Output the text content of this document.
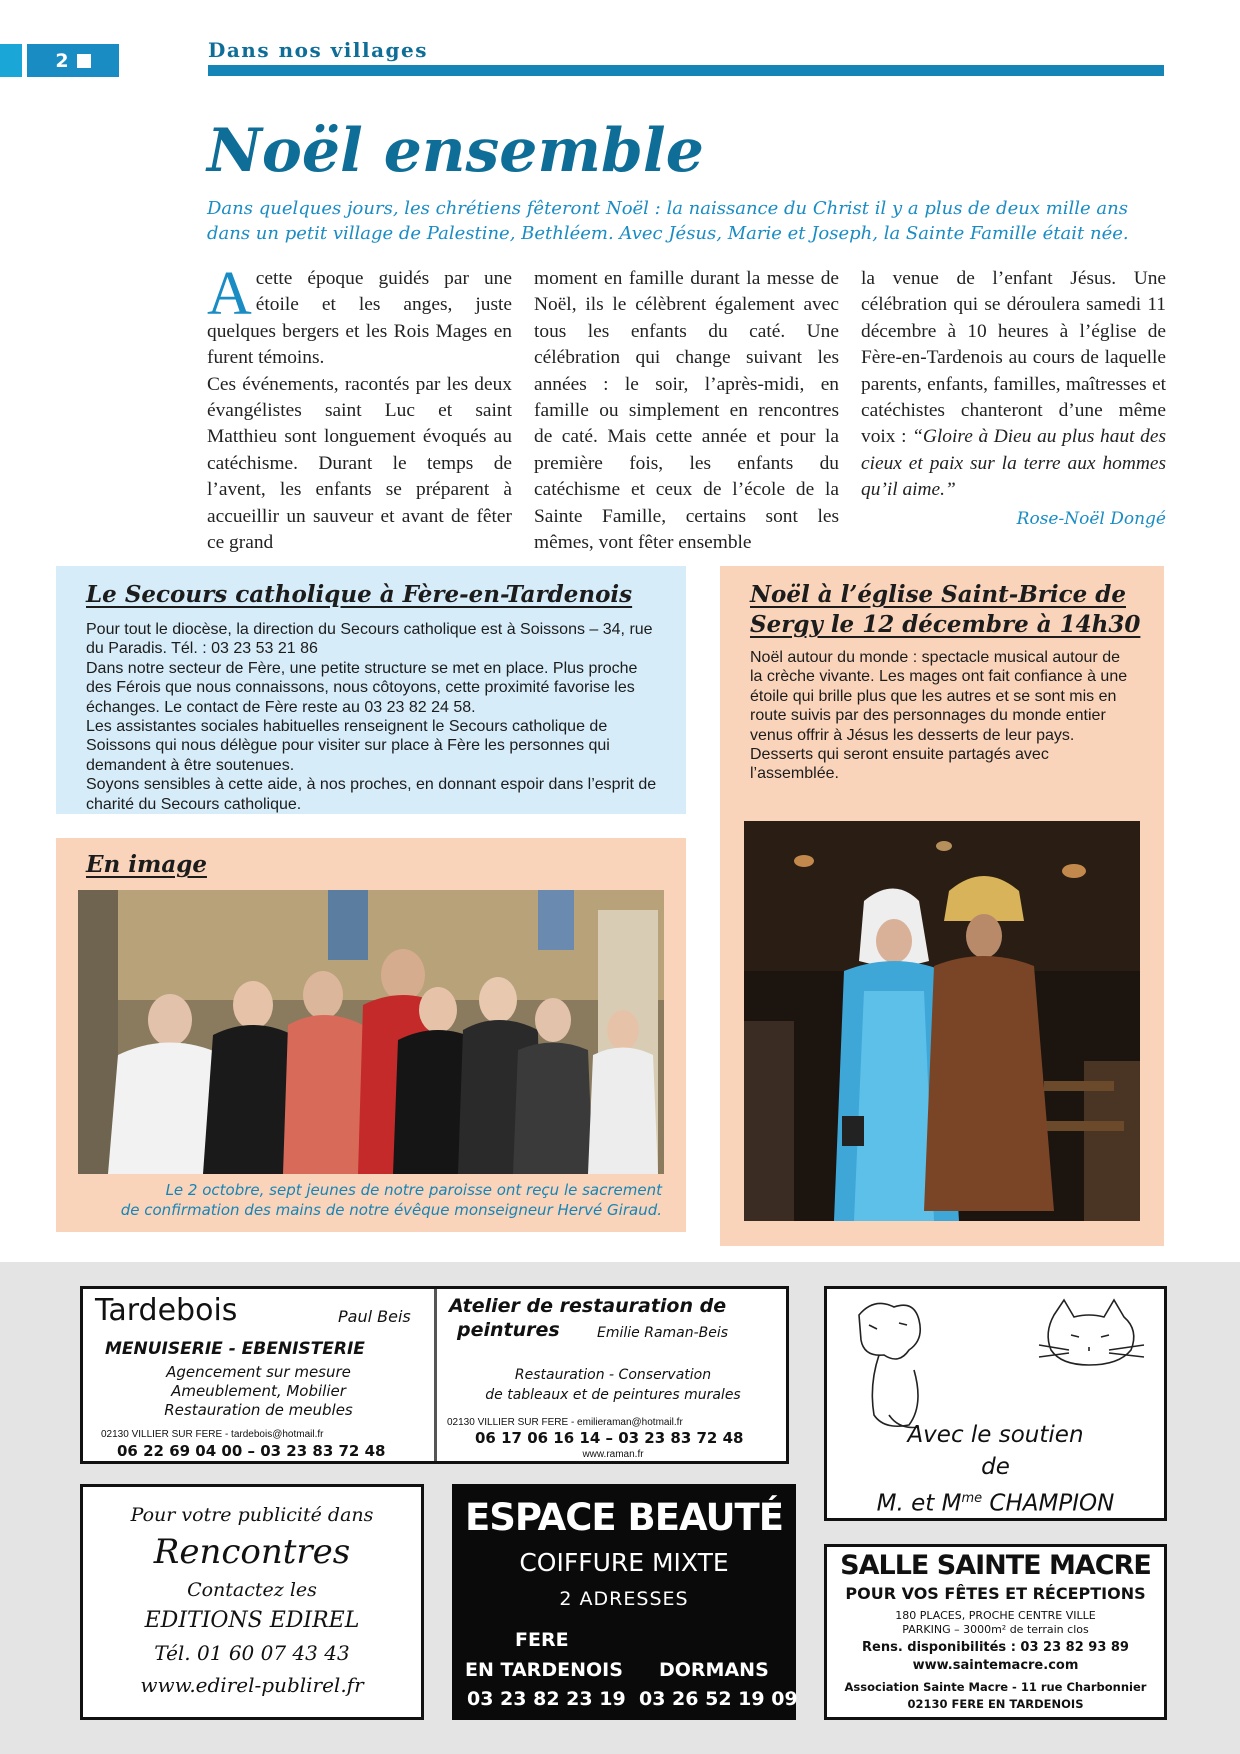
2	Dans nos villages
Noël ensemble

Dans quelques jours, les chrétiens fêteront Noël : la naissance du Christ il y a plus de deux mille ans dans un petit village de Palestine, Bethléem. Avec Jésus, Marie et Joseph, la Sainte Famille était née.

Acette époque guidés par une étoile et les anges, juste quelques bergers et les Rois Mages en furent témoins.

Ces événements, racontés par les deux évangélistes saint Luc et saint Matthieu sont longuement évoqués au catéchisme. Durant le temps de l’avent, les enfants se préparent à accueillir un sauveur et avant de fêter ce grand

moment en famille durant la messe de Noël, ils le célèbrent également avec tous les enfants du caté. Une célébration qui change suivant les années : le soir, l’après-midi, en famille ou simplement en rencontres de caté. Mais cette année et pour la première fois, les enfants du catéchisme et ceux de l’école de la Sainte Famille, certains sont les mêmes, vont fêter ensemble

la venue de l’enfant Jésus. Une célébration qui se déroulera samedi 11 décembre à 10 heures à l’église de Fère-en-Tardenois au cours de laquelle parents, enfants, familles, maîtresses et catéchistes chanteront d’une même voix : “Gloire à Dieu au plus haut des cieux et paix sur la terre aux hommes qu’il aime.”

Rose-Noël Dongé

Le Secours catholique à Fère-en-Tardenois

Pour tout le diocèse, la direction du Secours catholique est à Soissons – 34, rue du Paradis. Tél. : 03 23 53 21 86

Dans notre secteur de Fère, une petite structure se met en place. Plus proche des Férois que nous connaissons, nous côtoyons, cette proximité favorise les échanges. Le contact de Fère reste au 03 23 82 24 58.

Les assistantes sociales habituelles renseignent le Secours catholique de Soissons qui nous délègue pour visiter sur place à Fère les personnes qui demandent à être soutenues.

Soyons sensibles à cette aide, à nos proches, en donnant espoir dans l’esprit de charité du Secours catholique.

Noël à l’église Saint-Brice de Sergy le 12 décembre à 14h30

Noël autour du monde : spectacle musical autour de la crèche vivante. Les mages ont fait confiance à une étoile qui brille plus que les autres et se sont mis en route suivis par des personnages du monde entier venus offrir à Jésus les desserts de leur pays. Desserts qui seront ensuite partagés avec l’assemblée.

En image

Le 2 octobre, sept jeunes de notre paroisse ont reçu le sacrement
de confirmation des mains de notre évêque monseigneur Hervé Giraud.

Tardebois	Paul Beis
MENUISERIE - EBENISTERIE
Agencement sur mesure
Ameublement, Mobilier
Restauration de meubles
02130 VILLIER SUR FERE - tardebois@hotmail.fr
06 22 69 04 00 – 03 23 83 72 48
Atelier de restauration de
peintures	Emilie Raman-Beis
Restauration - Conservation
de tableaux et de peintures murales
02130 VILLIER SUR FERE - emilieraman@hotmail.fr
06 17 06 16 14 – 03 23 83 72 48
www.raman.fr
Avec le soutien
de
M. et $M^{me}$ CHAMPION
Pour votre publicité dans
Rencontres
Contactez les
EDITIONS EDIREL
Tél. 01 60 07 43 43
www.edirel-publirel.fr
ESPACE BEAUTÉ
COIFFURE MIXTE
2 ADRESSES
FERE
EN TARDENOIS DORMANS
03 23 82 23 19 03 26 52 19 09
SALLE SAINTE MACRE
POUR VOS FÊTES ET RÉCEPTIONS
180 PLACES, PROCHE CENTRE VILLE
PARKING – 3000m² de terrain clos
Rens. disponibilités : 03 23 82 93 89
www.saintemacre.com
Association Sainte Macre - 11 rue Charbonnier
02130 FERE EN TARDENOIS
